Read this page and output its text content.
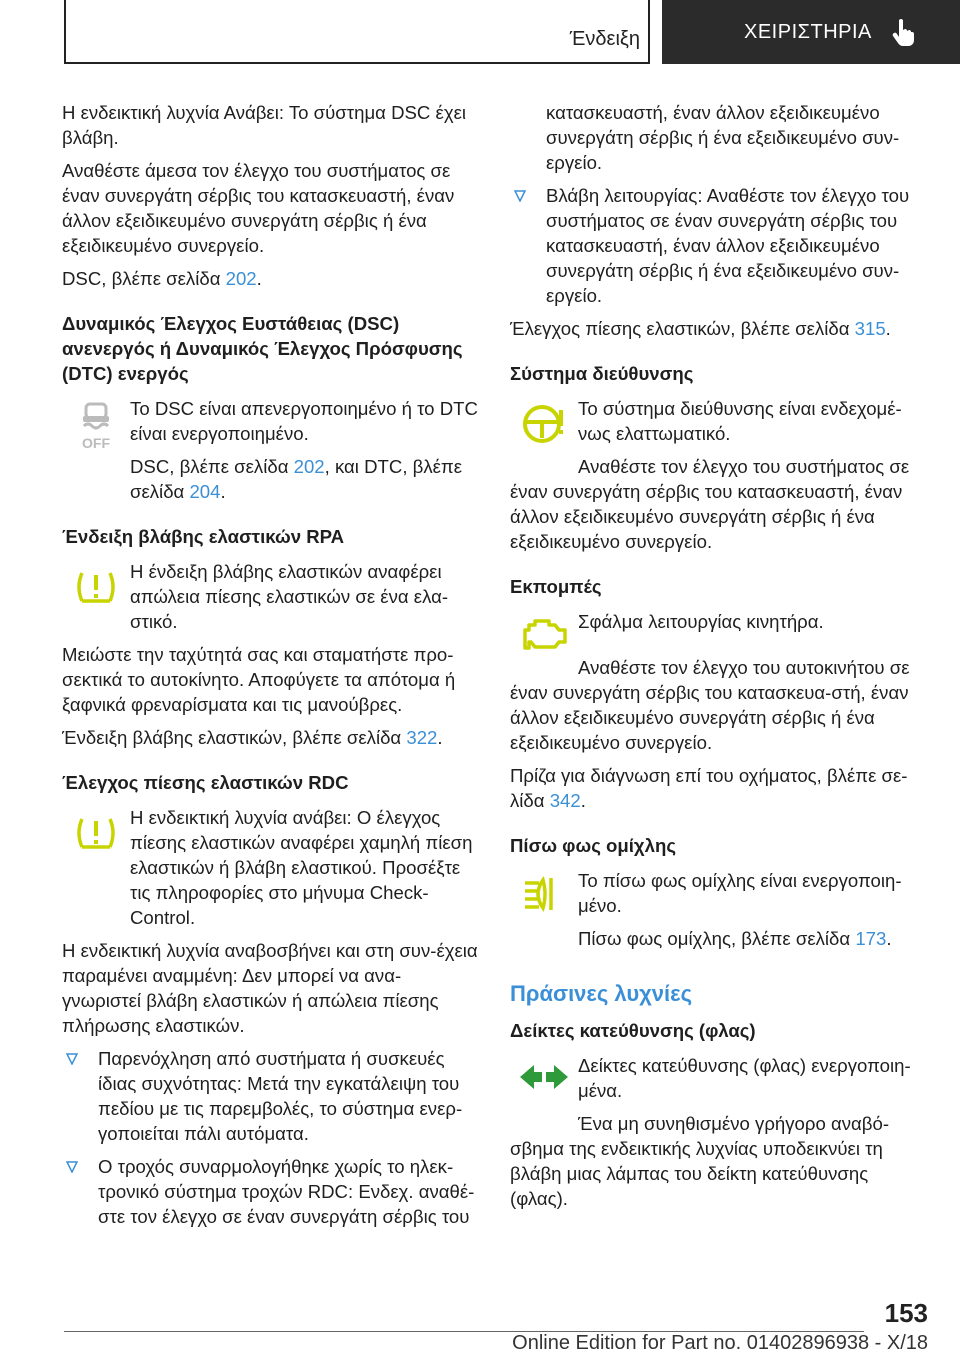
Ένδειξη	ΧΕΙΡΙΣΤΗΡΙΑ

Η ενδεικτική λυχνία Ανάβει: Το σύστημα DSC έχει βλάβη.

Αναθέστε άμεσα τον έλεγχο του συστήματος σε έναν συνεργάτη σέρβις του κατασκευαστή, έναν άλλον εξειδικευμένο συνεργάτη σέρβις ή ένα εξειδικευμένο συνεργείο.

DSC, βλέπε σελίδα 202.

Δυναμικός Έλεγχος Ευστάθειας (DSC) ανενεργός ή Δυναμικός Έλεγχος Πρόσφυσης (DTC) ενεργός
OFF

Το DSC είναι απενεργοποιημένο ή το DTC είναι ενεργοποιημένο.

DSC, βλέπε σελίδα 202, και DTC, βλέπε σελίδα 204.

Ένδειξη βλάβης ελαστικών RPA

Η ένδειξη βλάβης ελαστικών αναφέρει απώλεια πίεσης ελαστικών σε ένα ελα-στικό.

Μειώστε την ταχύτητά σας και σταματήστε προ-σεκτικά το αυτοκίνητο. Αποφύγετε τα απότομα ή ξαφνικά φρεναρίσματα και τις μανούβρες.

Ένδειξη βλάβης ελαστικών, βλέπε σελίδα 322.

Έλεγχος πίεσης ελαστικών RDC

Η ενδεικτική λυχνία ανάβει: Ο έλεγχος πίεσης ελαστικών αναφέρει χαμηλή πίεση ελαστικών ή βλάβη ελαστικού. Προσέξτε τις πληροφορίες στο μήνυμα Check-Control.

Η ενδεικτική λυχνία αναβοσβήνει και στη συν-έχεια παραμένει αναμμένη: Δεν μπορεί να ανα-γνωριστεί βλάβη ελαστικών ή απώλεια πίεσης πλήρωσης ελαστικών.

Παρενόχληση από συστήματα ή συσκευές ίδιας συχνότητας: Μετά την εγκατάλειψη του πεδίου με τις παρεμβολές, το σύστημα ενερ-γοποιείται πάλι αυτόματα.
Ο τροχός συναρμολογήθηκε χωρίς το ηλεκ-τρονικό σύστημα τροχών RDC: Ενδεχ. αναθέ-στε τον έλεγχο σε έναν συνεργάτη σέρβις του
κατασκευαστή, έναν άλλον εξειδικευμένο συνεργάτη σέρβις ή ένα εξειδικευμένο συν-εργείο.
Βλάβη λειτουργίας: Αναθέστε τον έλεγχο του συστήματος σε έναν συνεργάτη σέρβις του κατασκευαστή, έναν άλλον εξειδικευμένο συνεργάτη σέρβις ή ένα εξειδικευμένο συν-εργείο.

Έλεγχος πίεσης ελαστικών, βλέπε σελίδα 315.

Σύστημα διεύθυνσης

Το σύστημα διεύθυνσης είναι ενδεχομέ-νως ελαττωματικό.

Αναθέστε τον έλεγχο του συστήματος σε έναν συνεργάτη σέρβις του κατασκευαστή, έναν άλλον εξειδικευμένο συνεργάτη σέρβις ή ένα εξειδικευμένο συνεργείο.

Εκπομπές

Σφάλμα λειτουργίας κινητήρα.

Αναθέστε τον έλεγχο του αυτοκινήτου σε έναν συνεργάτη σέρβις του κατασκευα-στή, έναν άλλον εξειδικευμένο συνεργάτη σέρβις ή ένα εξειδικευμένο συνεργείο.

Πρίζα για διάγνωση επί του οχήματος, βλέπε σε-λίδα 342.

Πίσω φως ομίχλης

Το πίσω φως ομίχλης είναι ενεργοποιη-μένο.

Πίσω φως ομίχλης, βλέπε σελίδα 173.

Πράσινες λυχνίες
Δείκτες κατεύθυνσης (φλας)

Δείκτες κατεύθυνσης (φλας) ενεργοποιη-μένα.

Ένα μη συνηθισμένο γρήγορο αναβό-σβημα της ενδεικτικής λυχνίας υποδεικνύει τη βλάβη μιας λάμπας του δείκτη κατεύθυνσης (φλας).

153
Online Edition for Part no. 01402896938 - X/18
